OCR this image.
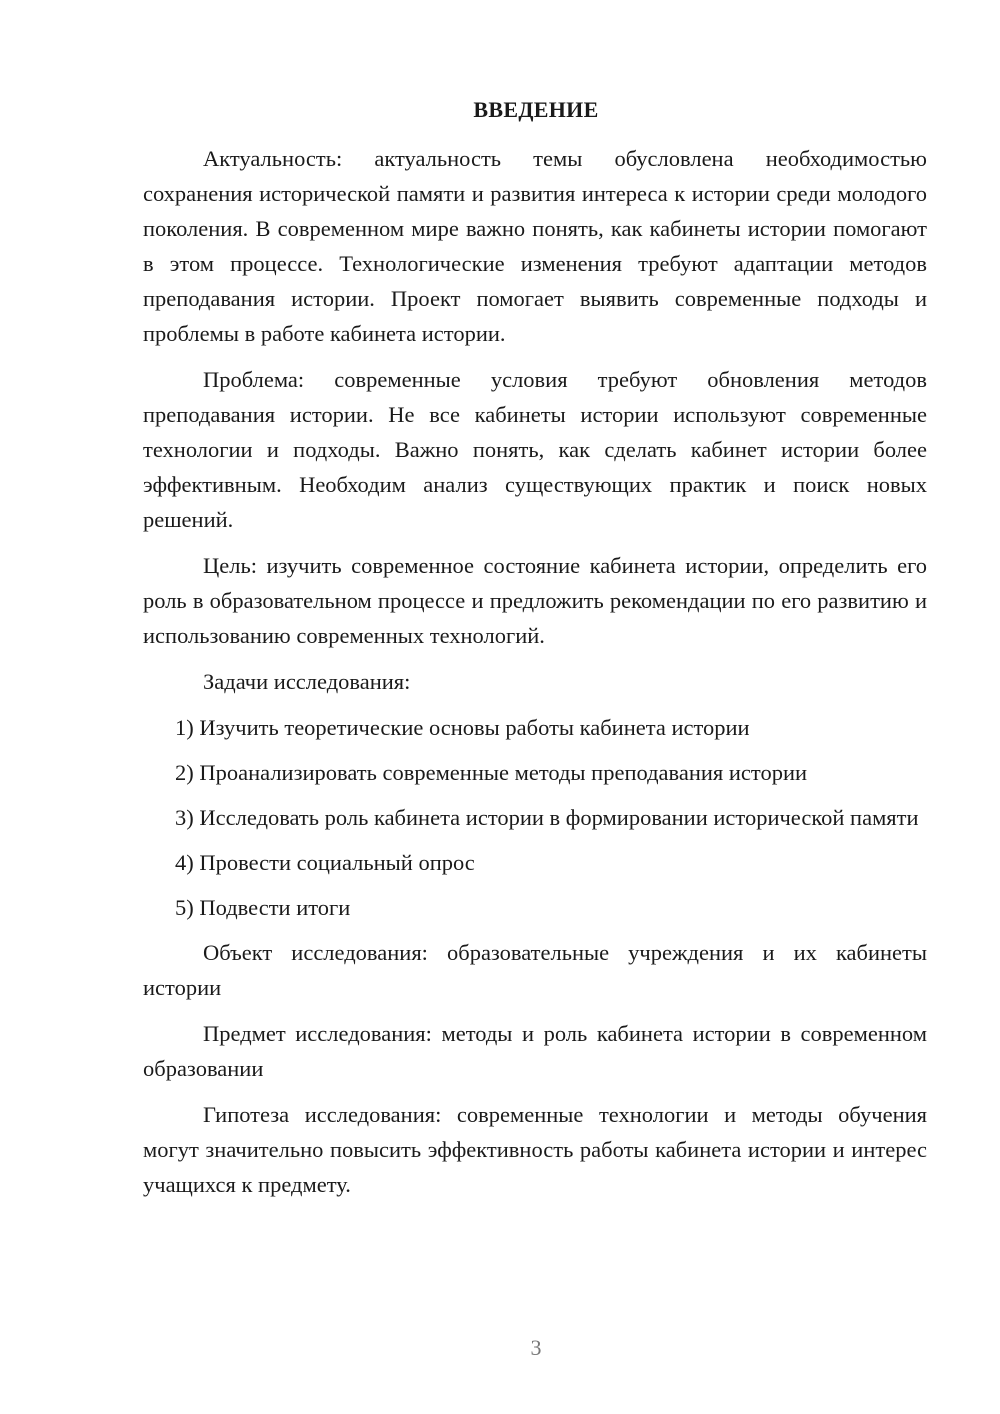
ВВЕДЕНИЕ

Актуальность: актуальность темы обусловлена необходимостью сохранения исторической памяти и развития интереса к истории среди молодого поколения. В современном мире важно понять, как кабинеты истории помогают в этом процессе. Технологические изменения требуют адаптации методов преподавания истории. Проект помогает выявить современные подходы и проблемы в работе кабинета истории.

Проблема: современные условия требуют обновления методов преподавания истории. Не все кабинеты истории используют современные технологии и подходы. Важно понять, как сделать кабинет истории более эффективным. Необходим анализ существующих практик и поиск новых решений.

Цель: изучить современное состояние кабинета истории, определить его роль в образовательном процессе и предложить рекомендации по его развитию и использованию современных технологий.

Задачи исследования:

1) Изучить теоретические основы работы кабинета истории

2) Проанализировать современные методы преподавания истории

3) Исследовать роль кабинета истории в формировании исторической памяти

4) Провести социальный опрос

5) Подвести итоги

Объект исследования: образовательные учреждения и их кабинеты истории

Предмет исследования: методы и роль кабинета истории в современном образовании

Гипотеза исследования: современные технологии и методы обучения могут значительно повысить эффективность работы кабинета истории и интерес учащихся к предмету.

3
